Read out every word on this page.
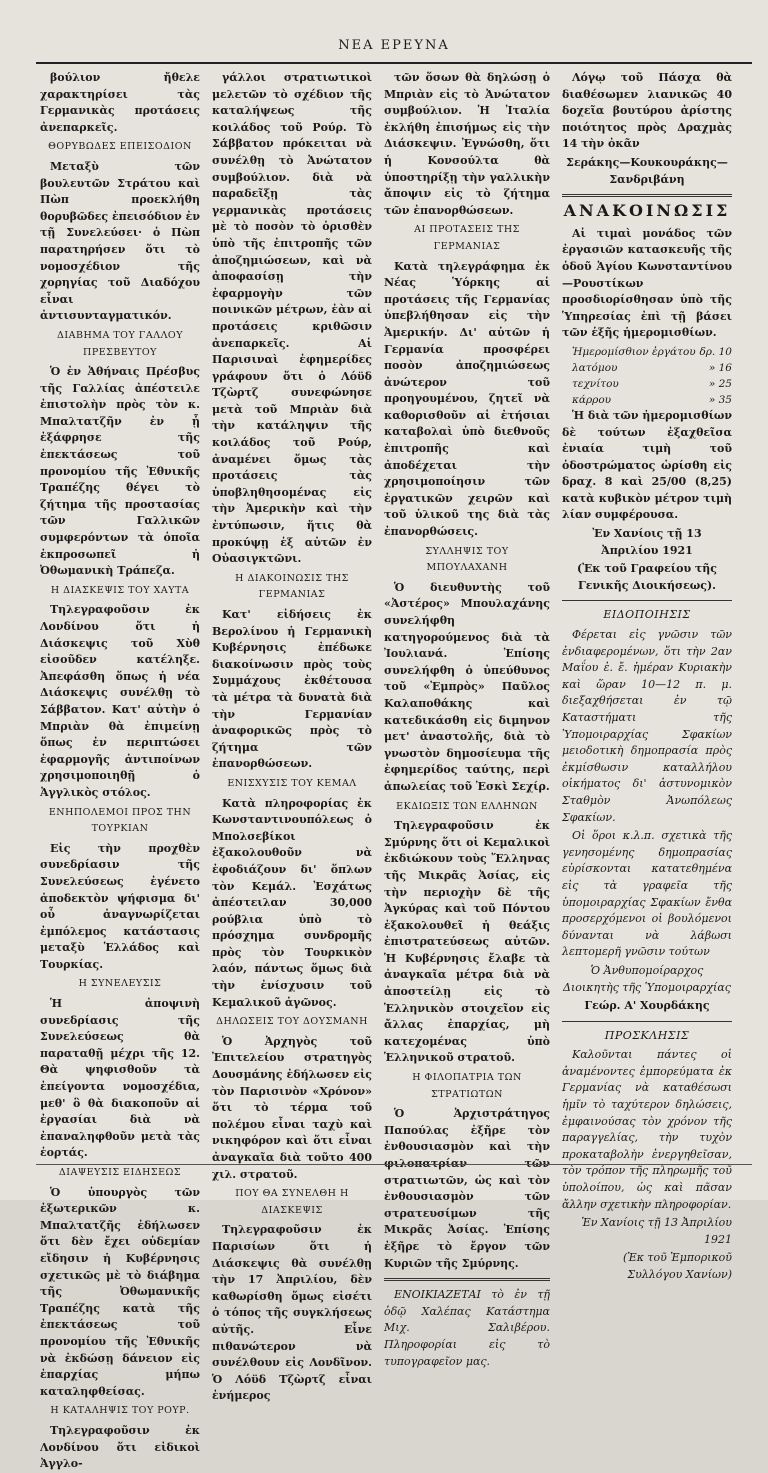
ΝΕΑ ΕΡΕΥΝΑ

βούλιον ἤθελε χαρακτηρίσει τὰς Γερμανικὰς προτάσεις ἀνεπαρκεῖς.

ΘΟΡΥΒΩΔΕΣ ΕΠΕΙΣΟΔΙΟΝ

Μεταξὺ τῶν βουλευτῶν Στράτου καὶ Πὼπ προεκλήθη θορυβῶδες ἐπεισόδιον ἐν τῇ Συνελεύσει· ὁ Πὼπ παρατηρήσεν ὅτι τὸ νομοσχέδιον τῆς χορηγίας τοῦ Διαδόχου εἶναι ἀντισυνταγματικόν.

ΔΙΑΒΗΜΑ ΤΟΥ ΓΑΛΛΟΥ ΠΡΕΣΒΕΥΤΟΥ

Ὁ ἐν Ἀθήναις Πρέσβυς τῆς Γαλλίας ἀπέστειλε ἐπιστολὴν πρὸς τὸν κ. Μπαλτατζῆν ἐν ᾗ ἐξάφρησε τῆς ἐπεκτάσεως τοῦ προνομίου τῆς Ἐθνικῆς Τραπέζης θέγει τὸ ζήτημα τῆς προστασίας τῶν Γαλλικῶν συμφερόντων τὰ ὁποῖα ἐκπροσωπεῖ ἡ Ὀθωμανικὴ Τράπεζα.

Η ΔΙΑΣΚΕΨΙΣ ΤΟΥ ΧΑΥΤΑ

Τηλεγραφοῦσιν ἐκ Λονδίνου ὅτι ἡ Διάσκεψις τοῦ Χὺθ εἰσοῦδεν κατέληξε. Ἀπεφάσθη ὅπως ἡ νέα Διάσκεψις συνέλθῃ τὸ Σάββατον. Κατ' αὐτὴν ὁ Μπριὰν θὰ ἐπιμείνῃ ὅπως ἐν περιπτώσει ἐφαρμογῆς ἀντιποίνων χρησιμοποιηθῇ ὁ Ἀγγλικὸς στόλος.

ΕΝΗΠΟΛΕΜΟΙ ΠΡΟΣ ΤΗΝ ΤΟΥΡΚΙΑΝ

Εἰς τὴν προχθὲν συνεδρίασιν τῆς Συνελεύσεως ἐγένετο ἀποδεκτὸν ψήφισμα δι' οὗ ἀναγνωρίζεται ἐμπόλεμος κατάστασις μεταξὺ Ἑλλάδος καὶ Τουρκίας.

Η ΣΥΝΕΛΕΥΣΙΣ

Ἡ ἀποψινὴ συνεδρίασις τῆς Συνελεύσεως θὰ παραταθῇ μέχρι τῆς 12. Θὰ ψηφισθοῦν τὰ ἐπείγοντα νομοσχέδια, μεθ' ὃ θὰ διακοποῦν αἱ ἐργασίαι διὰ νὰ ἐπαναληφθοῦν μετὰ τὰς ἑορτάς.

ΔΙΑΨΕΥΣΙΣ ΕΙΔΗΣΕΩΣ

Ὁ ὑπουργὸς τῶν ἐξωτερικῶν κ. Μπαλτατζῆς ἐδήλωσεν ὅτι δὲν ἔχει οὐδεμίαν εἴδησιν ἡ Κυβέρνησις σχετικῶς μὲ τὸ διάβημα τῆς Ὀθωμανικῆς Τραπέζης κατὰ τῆς ἐπεκτάσεως τοῦ προνομίου τῆς Ἐθνικῆς νὰ ἐκδώσῃ δάνειον εἰς ἐπαρχίας μήπω καταληφθείσας.

Η ΚΑΤΑΛΗΨΙΣ ΤΟΥ ΡΟΥΡ.

Τηλεγραφοῦσιν ἐκ Λονδίνου ὅτι εἰδικοὶ Ἀγγλο-

γάλλοι στρατιωτικοὶ μελετῶν τὸ σχέδιον τῆς καταλήψεως τῆς κοιλάδος τοῦ Ρούρ. Τὸ Σάββατον πρόκειται νὰ συνέλθῃ τὸ Ἀνώτατον συμβούλιον. διὰ νὰ παραδεῖξῃ τὰς γερμανικὰς προτάσεις μὲ τὸ ποσὸν τὸ ὁρισθὲν ὑπὸ τῆς ἐπιτροπῆς τῶν ἀποζημιώσεων, καὶ νὰ ἀποφασίσῃ τὴν ἐφαρμογὴν τῶν ποινικῶν μέτρων, ἐὰν αἱ προτάσεις κριθῶσιν ἀνεπαρκεῖς. Αἱ Παρισιναὶ ἐφημερίδες γράφουν ὅτι ὁ Λόϋδ Τζὼρτζ συνεφώνησε μετὰ τοῦ Μπριὰν διὰ τὴν κατάληψιν τῆς κοιλάδος τοῦ Ρούρ, ἀναμένει ὅμως τὰς προτάσεις τὰς ὑποβληθησομένας εἰς τὴν Ἀμερικὴν καὶ τὴν ἐντύπωσιν, ἥτις θὰ προκύψῃ ἐξ αὐτῶν ἐν Οὐασιγκτῶνι.

Η ΔΙΑΚΟΙΝΩΣΙΣ ΤΗΣ ΓΕΡΜΑΝΙΑΣ

Κατ' εἰδήσεις ἐκ Βερολίνου ἡ Γερμανικὴ Κυβέρνησις ἐπέδωκε διακοίνωσιν πρὸς τοὺς Συμμάχους ἐκθέτουσα τὰ μέτρα τὰ δυνατὰ διὰ τὴν Γερμανίαν ἀναφορικῶς πρὸς τὸ ζήτημα τῶν ἐπανορθώσεων.

ΕΝΙΣΧΥΣΙΣ ΤΟΥ ΚΕΜΑΛ

Κατὰ πληροφορίας ἐκ Κωνσταντινουπόλεως ὁ Μπολσεβίκοι ἐξακολουθοῦν νὰ ἐφοδιάζουν δι' ὅπλων τὸν Κεμάλ. Ἐσχάτως ἀπέστειλαν 30,000 ρούβλια ὑπὸ τὸ πρόσχημα συνδρομῆς πρὸς τὸν Τουρκικὸν λαόν, πάντως ὅμως διὰ τὴν ἐνίσχυσιν τοῦ Κεμαλικοῦ ἀγῶνος.

ΔΗΛΩΣΕΙΣ ΤΟΥ ΔΟΥΣΜΑΝΗ

Ὁ Ἀρχηγὸς τοῦ Ἐπιτελείου στρατηγὸς Δουσμάνης ἐδήλωσεν εἰς τὸν Παρισινὸν «Χρόνον» ὅτι τὸ τέρμα τοῦ πολέμου εἶναι ταχὺ καὶ νικηφόρον καὶ ὅτι εἶναι ἀναγκαῖα διὰ τοῦτο 400 χιλ. στρατοῦ.

ΠΟΥ ΘΑ ΣΥΝΕΛΘΗ Η ΔΙΑΣΚΕΨΙΣ

Τηλεγραφοῦσιν ἐκ Παρισίων ὅτι ἡ Διάσκεψις θὰ συνέλθῃ τὴν 17 Ἀπριλίου, δὲν καθωρίσθη ὅμως εἰσέτι ὁ τόπος τῆς συγκλήσεως αὐτῆς. Εἶνε πιθανώτερον νὰ συνέλθουν εἰς Λονδῖνον. Ὁ Λόϋδ Τζὼρτζ εἶναι ἐνήμερος

τῶν ὅσων θὰ δηλώσῃ ὁ Μπριὰν εἰς τὸ Ἀνώτατον συμβούλιον. Ἡ Ἰταλία ἐκλήθη ἐπισήμως εἰς τὴν Διάσκεψιν. Ἐγνώσθη, ὅτι ἡ Κονσούλτα θὰ ὑποστηρίξῃ τὴν γαλλικὴν ἄποψιν εἰς τὸ ζήτημα τῶν ἐπανορθώσεων.

ΑΙ ΠΡΟΤΑΣΕΙΣ ΤΗΣ ΓΕΡΜΑΝΙΑΣ

Κατὰ τηλεγράφημα ἐκ Νέας Ὑόρκης αἱ προτάσεις τῆς Γερμανίας ὑπεβλήθησαν εἰς τὴν Ἀμερικήν. Δι' αὐτῶν ἡ Γερμανία προσφέρει ποσὸν ἀποζημιώσεως ἀνώτερον τοῦ προηγουμένου, ζητεῖ νὰ καθορισθοῦν αἱ ἐτήσιαι καταβολαὶ ὑπὸ διεθνοῦς ἐπιτροπῆς καὶ ἀποδέχεται τὴν χρησιμοποίησιν τῶν ἐργατικῶν χειρῶν καὶ τοῦ ὑλικοῦ της διὰ τὰς ἐπανορθώσεις.

ΣΥΛΛΗΨΙΣ ΤΟΥ ΜΠΟΥΛΑΧΑΝΗ

Ὁ διευθυντὴς τοῦ «Ἀστέρος» Μπουλαχάνης συνελήφθη κατηγορούμενος διὰ τὰ Ἰουλιανά. Ἐπίσης συνελήφθη ὁ ὑπεύθυνος τοῦ «Ἐμπρὸς» Παῦλος Καλαποθάκης καὶ κατεδικάσθη εἰς διμηνον μετ' ἀναστολῆς, διὰ τὸ γνωστὸν δημοσίευμα τῆς ἐφημερίδος ταύτης, περὶ ἀπωλείας τοῦ Ἐσκὶ Σεχίρ.

ΕΚΔΙΩΞΙΣ ΤΩΝ ΕΛΛΗΝΩΝ

Τηλεγραφοῦσιν ἐκ Σμύρνης ὅτι οἱ Κεμαλικοὶ ἐκδιώκουν τοὺς Ἕλληνας τῆς Μικρᾶς Ἀσίας, εἰς τὴν περιοχὴν δὲ τῆς Ἀγκύρας καὶ τοῦ Πόντου ἐξακολουθεῖ ἡ θεάξις ἐπιστρατεύσεως αὐτῶν. Ἡ Κυβέρνησις ἔλαβε τὰ ἀναγκαῖα μέτρα διὰ νὰ ἀποστείλῃ εἰς τὸ Ἑλληνικὸν στοιχεῖον εἰς ἄλλας ἐπαρχίας, μὴ κατεχομένας ὑπὸ Ἑλληνικοῦ στρατοῦ.

Η ΦΙΛΟΠΑΤΡΙΑ ΤΩΝ ΣΤΡΑΤΙΩΤΩΝ

Ὁ Ἀρχιστράτηγος Παπούλας ἐξῆρε τὸν ἐνθουσιασμὸν καὶ τὴν φιλοπατρίαν τῶν στρατιωτῶν, ὡς καὶ τὸν ἐνθουσιασμὸν τῶν στρατευσίμων τῆς Μικρᾶς Ἀσίας. Ἐπίσης ἐξῆρε τὸ ἔργον τῶν Κυριῶν τῆς Σμύρνης.

ΕΝΟΙΚΙΑΖΕΤΑΙ τὸ ἐν τῇ ὁδῷ Χαλέπας Κατάστημα Μιχ. Σαλιβέρου. Πληροφορίαι εἰς τὸ τυπογραφεῖον μας.

Λόγῳ τοῦ Πάσχα θὰ διαθέσωμεν λιανικῶς 40 δοχεῖα βουτύρου ἀρίστης ποιότητος πρὸς Δραχμὰς 14 τὴν ὀκᾶν

Σεράκης—Κουκουράκης—Σανδριβάνη

ΑΝΑΚΟΙΝΩΣΙΣ

Αἱ τιμαὶ μονάδος τῶν ἐργασιῶν κατασκευῆς τῆς ὁδοῦ Ἁγίου Κωνσταντίνου—Ρουστίκων προσδιορίσθησαν ὑπὸ τῆς Ὑπηρεσίας ἐπὶ τῇ βάσει τῶν ἑξῆς ἡμερομισθίων.

Ἡμερομίσθιον ἐργάτου δρ. 10
λατόμου	» 16
τεχνίτου	» 25
κάρρου	» 35

Ἡ διὰ τῶν ἡμερομισθίων δὲ τούτων ἐξαχθεῖσα ἐνιαία τιμὴ τοῦ ὁδοστρώματος ὡρίσθη εἰς δραχ. 8 καὶ 25/00 (8,25) κατὰ κυβικὸν μέτρον τιμὴ λίαν συμφέρουσα.

Ἐν Χανίοις τῇ 13 Ἀπριλίου 1921

(Ἐκ τοῦ Γραφείου τῆς Γενικῆς Διοικήσεως).

ΕΙΔΟΠΟΙΗΣΙΣ

Φέρεται εἰς γνῶσιν τῶν ἐνδιαφερομένων, ὅτι τὴν 2αν Μαΐου ἐ. ἔ. ἡμέραν Κυριακὴν καὶ ὥραν 10—12 π. μ. διεξαχθήσεται ἐν τῷ Καταστήματι τῆς Ὑπομοιραρχίας Σφακίων μειοδοτικὴ δημοπρασία πρὸς ἐκμίσθωσιν καταλλήλου οἰκήματος δι' ἀστυνομικὸν Σταθμὸν Ἀνωπόλεως Σφακίων.

Οἱ ὅροι κ.λ.π. σχετικὰ τῆς γενησομένης δημοπρασίας εὑρίσκονται κατατεθημένα εἰς τὰ γραφεῖα τῆς ὑπομοιραρχίας Σφακίων ἔνθα προσερχόμενοι οἱ βουλόμενοι δύνανται νὰ λάβωσι λεπτομερῆ γνῶσιν τούτων

Ὁ Ἀνθυπομοίραρχος Διοικητὴς τῆς Ὑπομοιραρχίας

Γεώρ. Α' Χουρδάκης

ΠΡΟΣΚΛΗΣΙΣ

Καλοῦνται πάντες οἱ ἀναμένοντες ἐμπορεύματα ἐκ Γερμανίας νὰ καταθέσωσι ἡμῖν τὸ ταχύτερον δηλώσεις, ἐμφαινούσας τὸν χρόνον τῆς παραγγελίας, τὴν τυχὸν προκαταβολὴν ἐνεργηθεῖσαν, τὸν τρόπον τῆς πληρωμῆς τοῦ ὑπολοίπου, ὡς καὶ πᾶσαν ἄλλην σχετικὴν πληροφορίαν.

Ἐν Χανίοις τῇ 13 Ἀπριλίου 1921

(Ἐκ τοῦ Ἐμπορικοῦ Συλλόγου Χανίων)
